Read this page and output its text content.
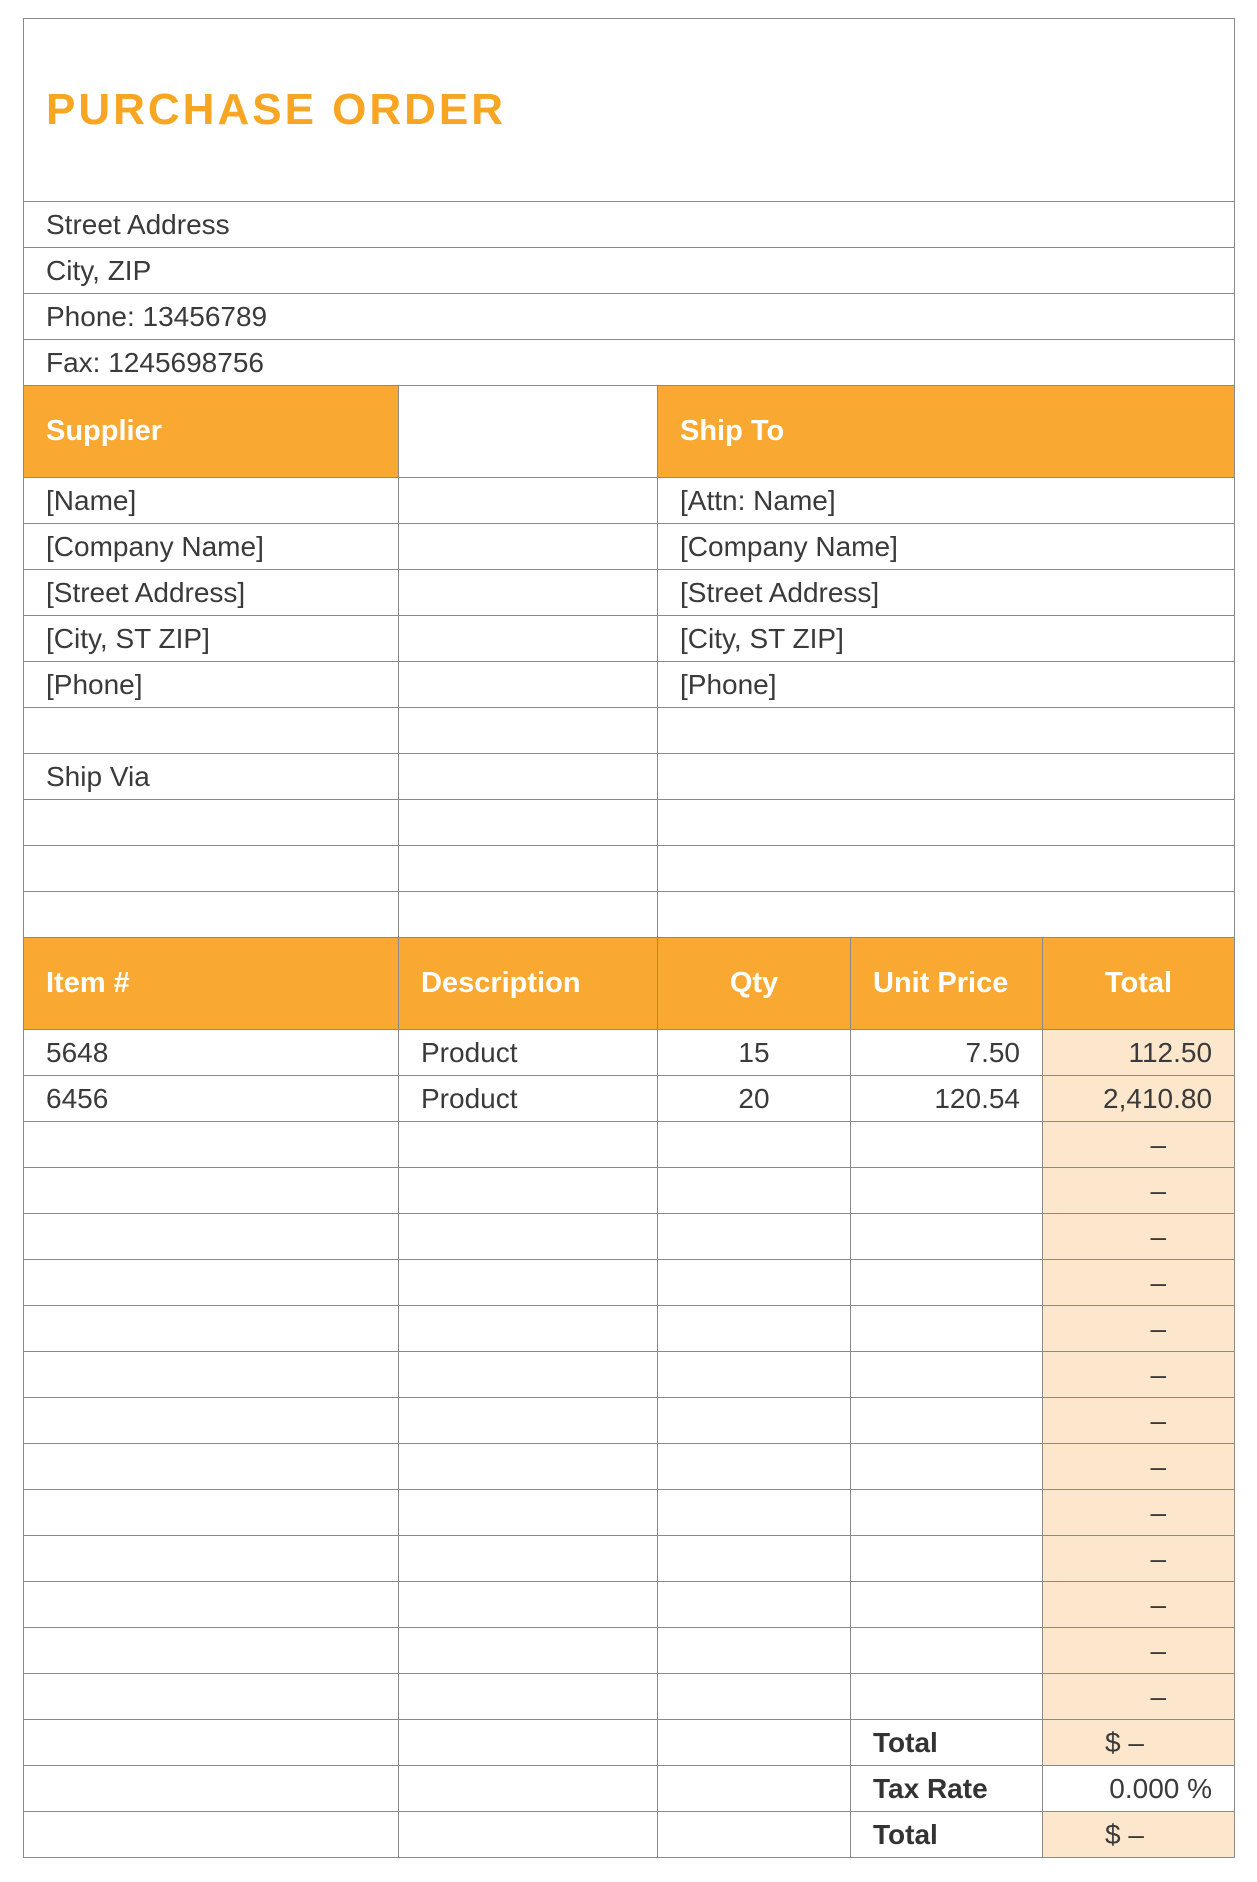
PURCHASE ORDER				
Street Address				
City, ZIP				
Phone: 13456789				
Fax: 1245698756				
Supplier		Ship To		
[Name]		[Attn: Name]		
[Company Name]		[Company Name]		
[Street Address]		[Street Address]		
[City, ST ZIP]		[City, ST ZIP]		
[Phone]		[Phone]		

Ship Via				

Item #	Description	Qty	Unit Price	Total
5648	Product	15	7.50	112.50
6456	Product	20	120.54	2,410.80
				–
				–
				–
				–
				–
				–
				–
				–
				–
				–
				–
				–
				–
			Total	$ –
			Tax Rate	0.000 %
			Total	$ –
